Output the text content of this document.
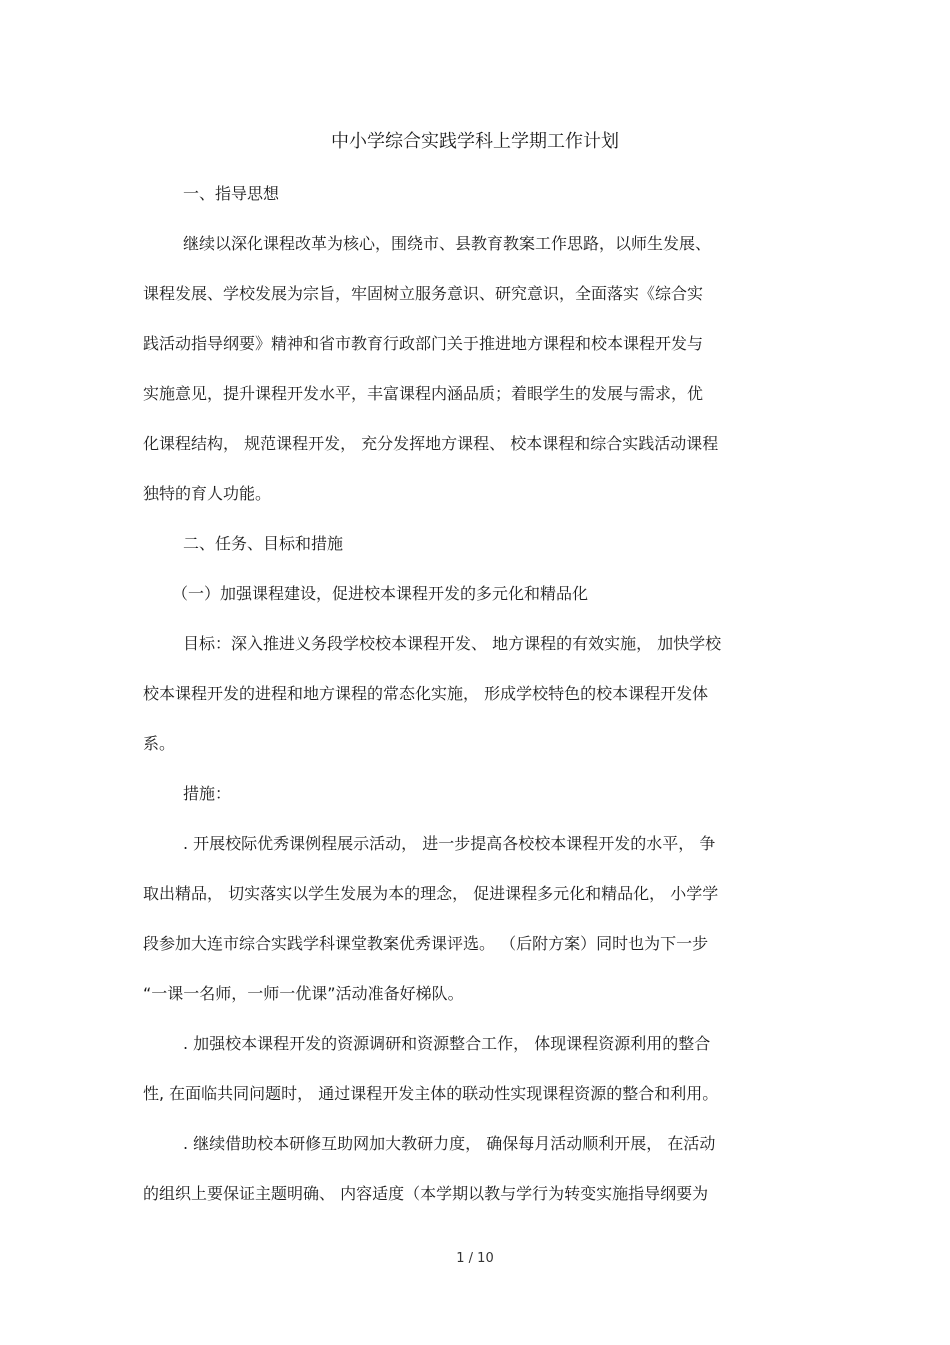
中小学综合实践学科上学期工作计划
一、指导思想
继续以深化课程改革为核心，围绕市、县教育教案工作思路，以师生发展、
课程发展、学校发展为宗旨，牢固树立服务意识、研究意识，全面落实《综合实
践活动指导纲要》精神和省市教育行政部门关于推进地方课程和校本课程开发与
实施意见，提升课程开发水平，丰富课程内涵品质；着眼学生的发展与需求，优
化课程结构， 规范课程开发， 充分发挥地方课程、 校本课程和综合实践活动课程
独特的育人功能。
二、任务、目标和措施
（一）加强课程建设，促进校本课程开发的多元化和精品化
目标：深入推进义务段学校校本课程开发、 地方课程的有效实施， 加快学校
校本课程开发的进程和地方课程的常态化实施， 形成学校特色的校本课程开发体
系。
措施：
. 开展校际优秀课例程展示活动， 进一步提高各校校本课程开发的水平， 争
取出精品， 切实落实以学生发展为本的理念， 促进课程多元化和精品化， 小学学
段参加大连市综合实践学科课堂教案优秀课评选。 （后附方案）同时也为下一步
“一课一名师，一师一优课”活动准备好梯队。
. 加强校本课程开发的资源调研和资源整合工作， 体现课程资源利用的整合
性, 在面临共同问题时， 通过课程开发主体的联动性实现课程资源的整合和利用。
. 继续借助校本研修互助网加大教研力度， 确保每月活动顺利开展， 在活动
的组织上要保证主题明确、 内容适度（本学期以教与学行为转变实施指导纲要为
1 / 10
